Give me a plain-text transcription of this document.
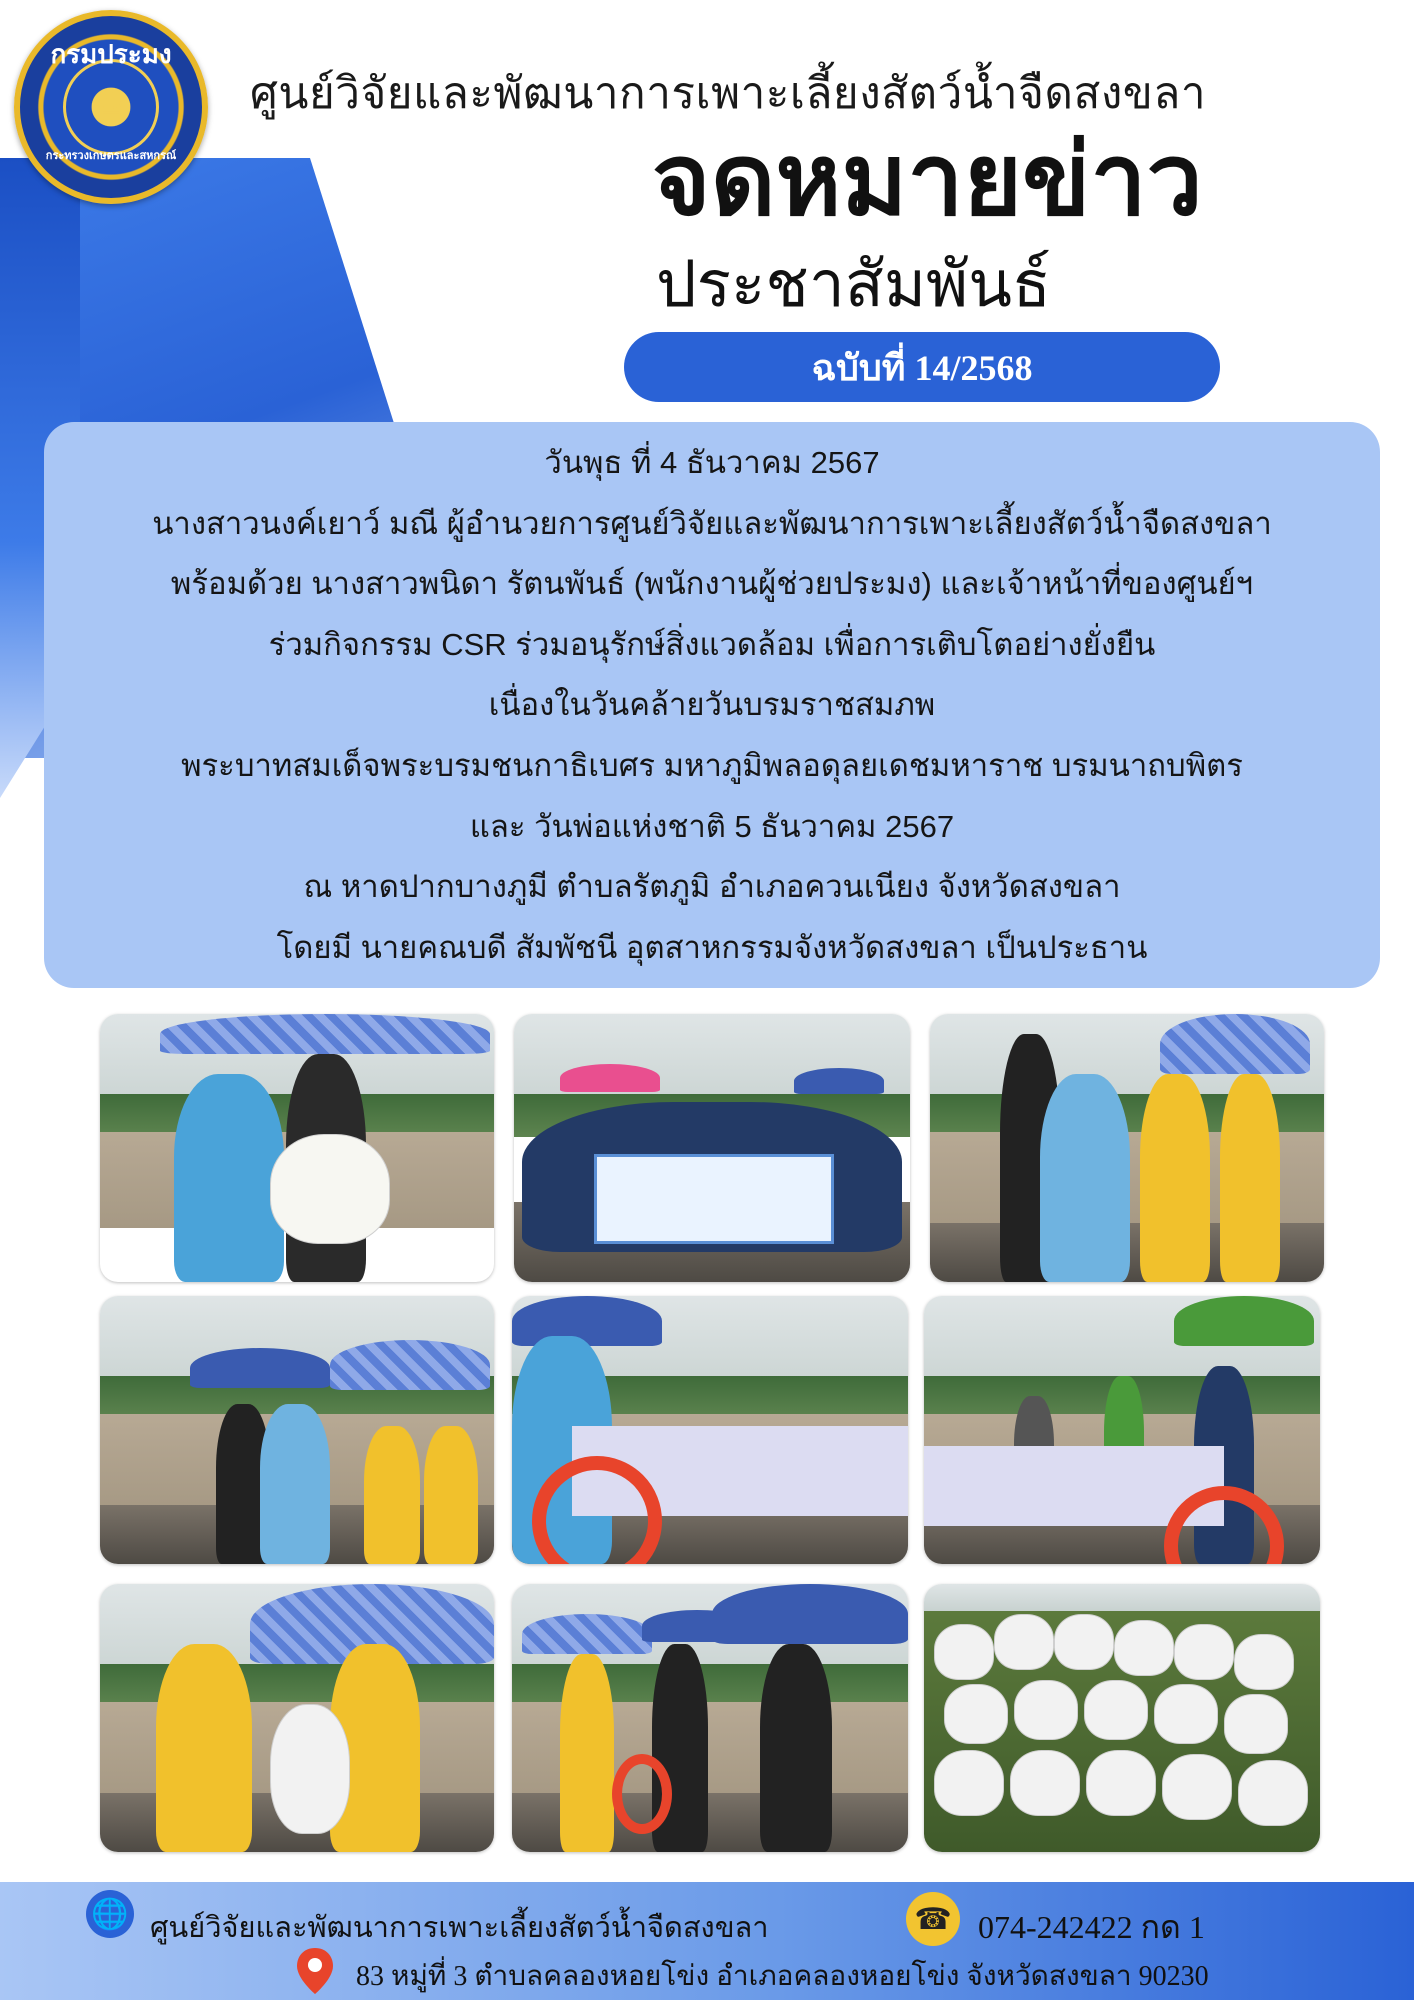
กรมประมง
♛
กระทรวงเกษตรและสหกรณ์
ศูนย์วิจัยและพัฒนาการเพาะเลี้ยงสัตว์น้ำจืดสงขลา
จดหมายข่าว
ประชาสัมพันธ์
ฉบับที่ 14/2568
วันพุธ ที่ 4 ธันวาคม 2567
นางสาวนงค์เยาว์ มณี ผู้อำนวยการศูนย์วิจัยและพัฒนาการเพาะเลี้ยงสัตว์น้ำจืดสงขลา
พร้อมด้วย นางสาวพนิดา รัตนพันธ์ (พนักงานผู้ช่วยประมง) และเจ้าหน้าที่ของศูนย์ฯ
ร่วมกิจกรรม CSR ร่วมอนุรักษ์สิ่งแวดล้อม เพื่อการเติบโตอย่างยั่งยืน
เนื่องในวันคล้ายวันบรมราชสมภพ
พระบาทสมเด็จพระบรมชนกาธิเบศร มหาภูมิพลอดุลยเดชมหาราช บรมนาถบพิตร
และ วันพ่อแห่งชาติ 5 ธันวาคม 2567
ณ หาดปากบางภูมี ตำบลรัตภูมิ อำเภอควนเนียง จังหวัดสงขลา
โดยมี นายคณบดี สัมพัชนี อุตสาหกรรมจังหวัดสงขลา เป็นประธาน
🌐 ศูนย์วิจัยและพัฒนาการเพาะเลี้ยงสัตว์น้ำจืดสงขลา	☎ 074-242422 กด 1
83 หมู่ที่ 3 ตำบลคลองหอยโข่ง อำเภอคลองหอยโข่ง จังหวัดสงขลา 90230
